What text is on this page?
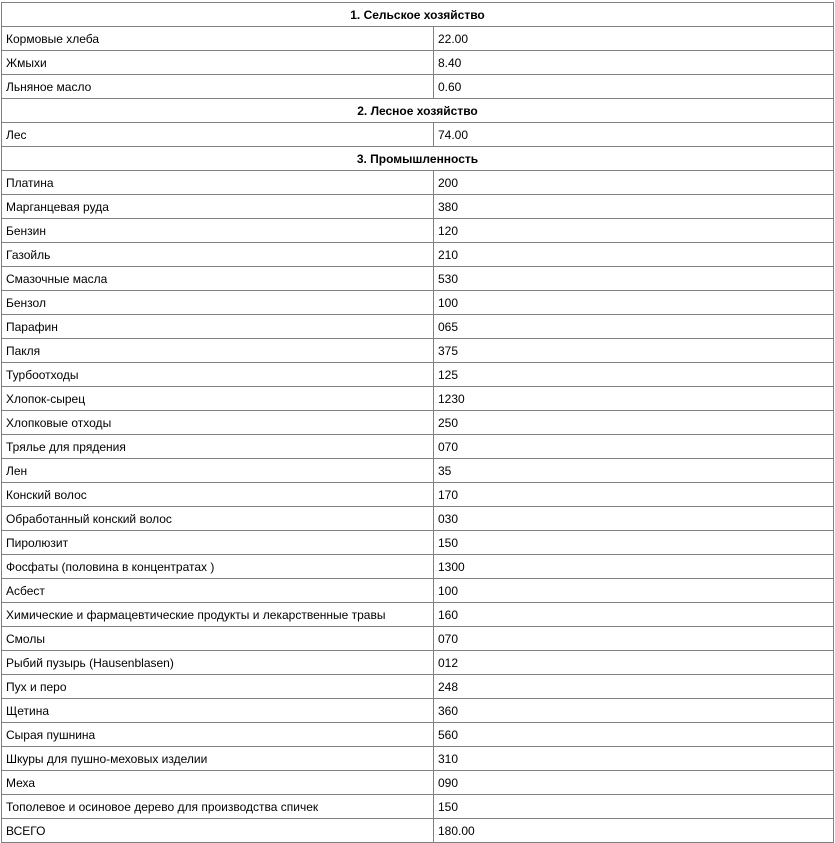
1. Сельское хозяйство	
Кормовые хлеба	22.00
Жмыхи	8.40
Льняное масло	0.60
2. Лесное хозяйство	
Лес	74.00
3. Промышленность	
Платина	200
Марганцевая руда	380
Бензин	120
Газойль	210
Смазочные масла	530
Бензол	100
Парафин	065
Пакля	375
Турбоотходы	125
Хлопок-сырец	1230
Хлопковые отходы	250
Трялье для прядения	070
Лен	35
Конский волос	170
Обработанный конский волос	030
Пиролюзит	150
Фосфаты (половина в концентратах )	1300
Асбест	100
Химические и фармацевтические продукты и лекарственные травы	160
Смолы	070
Рыбий пузырь (Hausenblasen)	012
Пух и перо	248
Щетина	360
Сырая пушнина	560
Шкуры для пушно-меховых изделии	310
Меха	090
Тополевое и осиновое дерево для производства спичек	150
ВСЕГО	180.00
